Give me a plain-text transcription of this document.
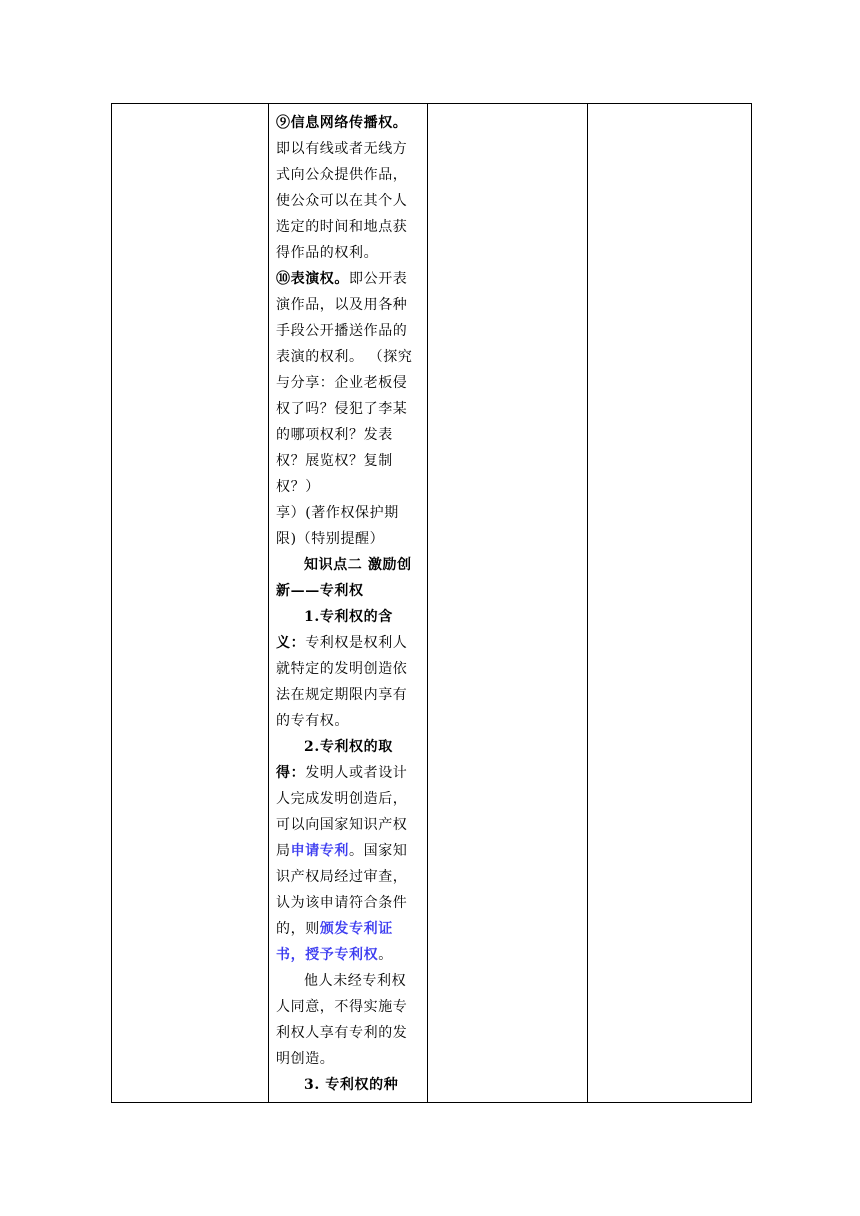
⑨信息网络传播权。即以有线或者无线方式向公众提供作品，使公众可以在其个人选定的时间和地点获得作品的权利。

⑩表演权。即公开表演作品，以及用各种手段公开播送作品的表演的权利。 （探究与分享：企业老板侵权了吗？侵犯了李某的哪项权利？发表权？展览权？复制权？）

享）(著作权保护期限)（特别提醒）

知识点二 激励创新——专利权

1.专利权的含义：专利权是权利人就特定的发明创造依法在规定期限内享有的专有权。

2.专利权的取得：发明人或者设计人完成发明创造后，可以向国家知识产权局申请专利。国家知识产权局经过审查，认为该申请符合条件的，则颁发专利证书，授予专利权。

他人未经专利权人同意，不得实施专利权人享有专利的发明创造。

3. 专利权的种
